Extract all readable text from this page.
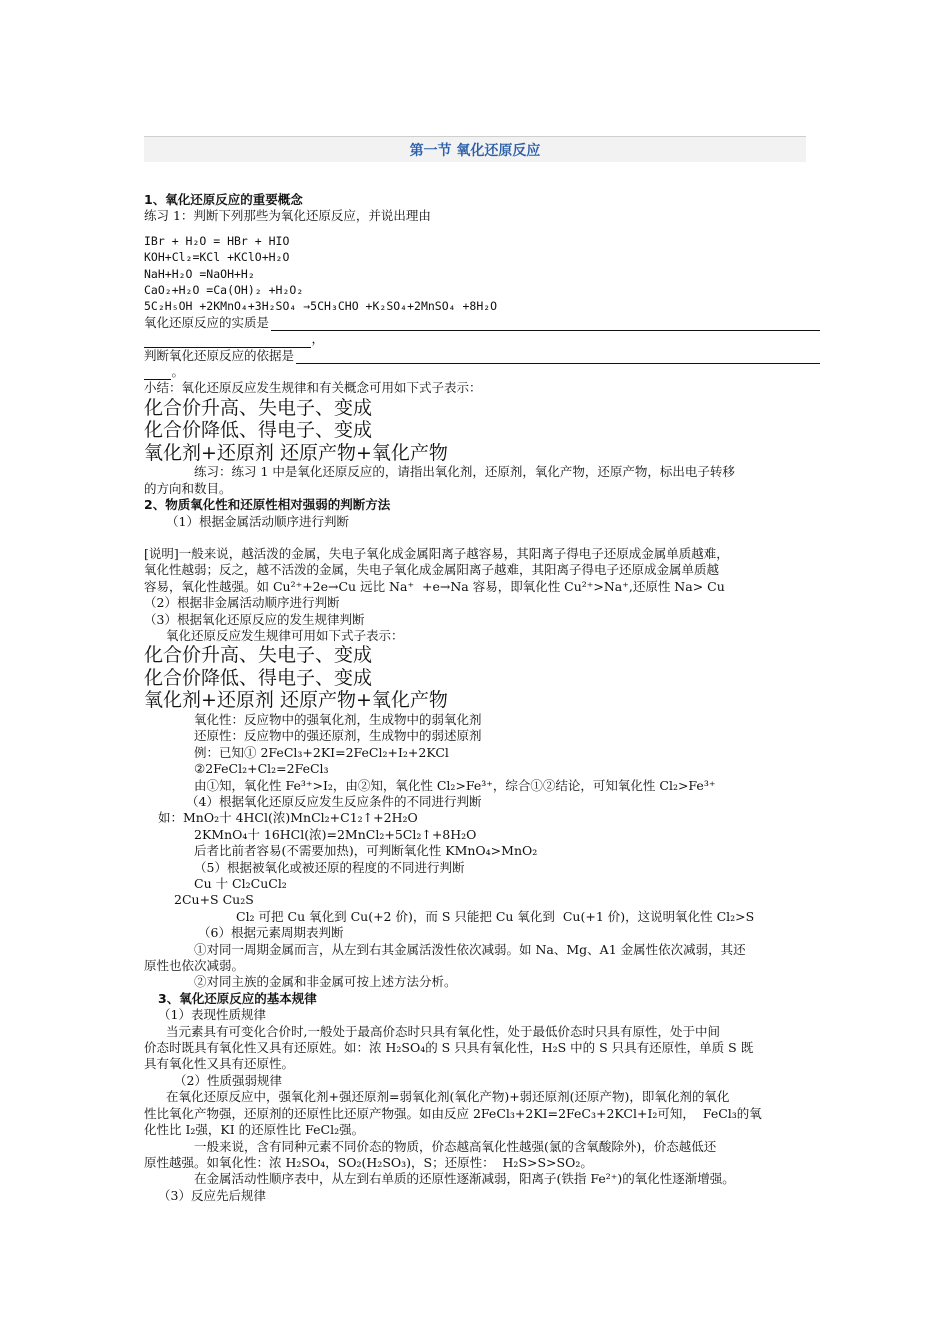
第一节 氧化还原反应

1、氧化还原反应的重要概念

练习 1：判断下列那些为氧化还原反应，并说出理由

IBr + H₂O = HBr + HIO

KOH+Cl₂=KCl +KClO+H₂O

NaH+H₂O =NaOH+H₂

CaO₂+H₂O =Ca(OH)₂ +H₂O₂

5C₂H₅OH +2KMnO₄+3H₂SO₄ →5CH₃CHO +K₂SO₄+2MnSO₄ +8H₂O

氧化还原反应的实质是
，
判断氧化还原反应的依据是
。

小结：氧化还原反应发生规律和有关概念可用如下式子表示：

化合价升高、失电子、变成

化合价降低、得电子、变成

氧化剂+还原剂 还原产物+氧化产物

练习：练习 1 中是氧化还原反应的，请指出氧化剂，还原剂，氧化产物，还原产物，标出电子转移

的方向和数目。

2、物质氧化性和还原性相对强弱的判断方法

（1）根据金属活动顺序进行判断

[说明]一般来说，越活泼的金属，失电子氧化成金属阳离子越容易，其阳离子得电子还原成金属单质越难，

氧化性越弱；反之，越不活泼的金属，失电子氧化成金属阳离子越难，其阳离子得电子还原成金属单质越

容易，氧化性越强。如 Cu²⁺+2e→Cu 远比 Na⁺  +e→Na 容易，即氧化性 Cu²⁺>Na⁺,还原性 Na> Cu

（2）根据非金属活动顺序进行判断

（3）根据氧化还原反应的发生规律判断

氧化还原反应发生规律可用如下式子表示：

化合价升高、失电子、变成

化合价降低、得电子、变成

氧化剂+还原剂 还原产物+氧化产物

氧化性：反应物中的强氧化剂，生成物中的弱氧化剂

还原性：反应物中的强还原剂，生成物中的弱述原剂

例：已知① 2FeCl₃+2KI=2FeCl₂+I₂+2KCl

②2FeCl₂+Cl₂=2FeCl₃

由①知，氧化性 Fe³⁺>I₂，由②知，氧化性 Cl₂>Fe³⁺，综合①②结论，可知氧化性 Cl₂>Fe³⁺

（4）根据氧化还原反应发生反应条件的不同进行判断

如：MnO₂十 4HCl(浓)MnCl₂+C1₂↑+2H₂O

2KMnO₄十 16HCl(浓)=2MnCl₂+5Cl₂↑+8H₂O

后者比前者容易(不需要加热)，可判断氧化性 KMnO₄>MnO₂

（5）根据被氧化或被还原的程度的不同进行判断

Cu 十 Cl₂CuCl₂

2Cu+S Cu₂S

Cl₂ 可把 Cu 氧化到 Cu(+2 价)，而 S 只能把 Cu 氧化到  Cu(+1 价)，这说明氧化性 Cl₂>S

（6）根据元素周期表判断

①对同一周期金属而言，从左到右其金属活泼性依次减弱。如 Na、Mg、A1 金属性依次减弱，其还

原性也依次减弱。

②对同主族的金属和非金属可按上述方法分析。

3、氧化还原反应的基本规律

（1）表现性质规律

当元素具有可变化合价时,一般处于最高价态时只具有氧化性，处于最低价态时只具有原性，处于中间

价态时既具有氧化性又具有还原姓。如：浓 H₂SO₄的 S 只具有氧化性，H₂S 中的 S 只具有还原性，单质 S 既

具有氧化性又具有还原性。

（2）性质强弱规律

在氧化还原反应中，强氧化剂+强还原剂=弱氧化剂(氧化产物)+弱还原剂(还原产物)，即氧化剂的氧化

性比氧化产物强，还原剂的还原性比还原产物强。如由反应 2FeCl₃+2KI=2FeC₃+2KCl+I₂可知，  FeCl₃的氧

化性比 I₂强，KI 的还原性比 FeCl₂强。

一般来说，含有同种元素不同价态的物质，价态越高氧化性越强(氯的含氧酸除外)，价态越低还

原性越强。如氧化性：浓 H₂SO₄，SO₂(H₂SO₃)，S；还原性：  H₂S>S>SO₂。

在金属活动性顺序表中，从左到右单质的还原性逐渐减弱，阳离子(铁指 Fe²⁺)的氧化性逐渐增强。

（3）反应先后规律
